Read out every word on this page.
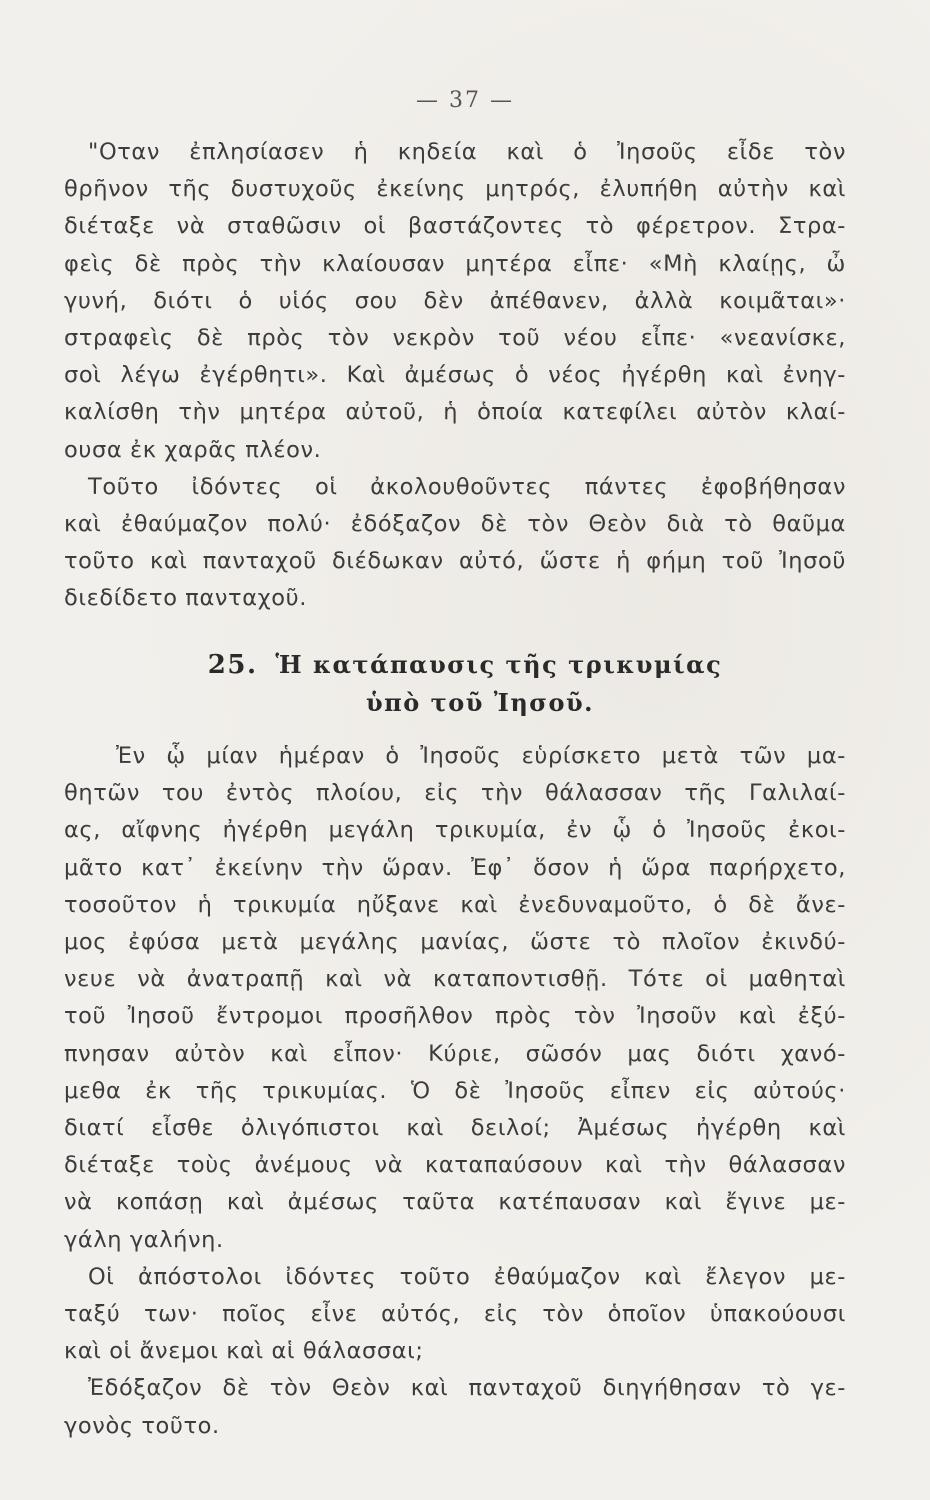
— 37 —
"Οταν ἐπλησίασεν ἡ κηδεία καὶ ὁ Ἰησοῦς εἶδε τὸν
θρῆνον τῆς δυστυχοῦς ἐκείνης μητρός, ἐλυπήθη αὐτὴν καὶ
διέταξε νὰ σταθῶσιν οἱ βαστάζοντες τὸ φέρετρον. Στρα-
φεὶς δὲ πρὸς τὴν κλαίουσαν μητέρα εἶπε· «Μὴ κλαίῃς, ὦ
γυνή, διότι ὁ υἱός σου δὲν ἀπέθανεν, ἀλλὰ κοιμᾶται»·
στραφεὶς δὲ πρὸς τὸν νεκρὸν τοῦ νέου εἶπε· «νεανίσκε,
σοὶ λέγω ἐγέρθητι». Καὶ ἀμέσως ὁ νέος ἠγέρθη καὶ ἐνηγ-
καλίσθη τὴν μητέρα αὐτοῦ, ἡ ὁποία κατεφίλει αὐτὸν κλαί-
ουσα ἐκ χαρᾶς πλέον.
Τοῦτο ἰδόντες οἱ ἀκολουθοῦντες πάντες ἐφοβήθησαν
καὶ ἐθαύμαζον πολύ· ἐδόξαζον δὲ τὸν Θεὸν διὰ τὸ θαῦμα
τοῦτο καὶ πανταχοῦ διέδωκαν αὐτό, ὥστε ἡ φήμη τοῦ Ἰησοῦ
διεδίδετο πανταχοῦ.
25. Ἡ κατάπαυσις τῆς τρικυμίας
ὑπὸ τοῦ Ἰησοῦ.
Ἐν ᾧ μίαν ἡμέραν ὁ Ἰησοῦς εὑρίσκετο μετὰ τῶν μα-
θητῶν του ἐντὸς πλοίου, εἰς τὴν θάλασσαν τῆς Γαλιλαί-
ας, αἴφνης ἠγέρθη μεγάλη τρικυμία, ἐν ᾧ ὁ Ἰησοῦς ἐκοι-
μᾶτο κατ᾽ ἐκείνην τὴν ὥραν. Ἐφ᾽ ὅσον ἡ ὥρα παρήρχετο,
τοσοῦτον ἡ τρικυμία ηὔξανε καὶ ἐνεδυναμοῦτο, ὁ δὲ ἄνε-
μος ἐφύσα μετὰ μεγάλης μανίας, ὥστε τὸ πλοῖον ἐκινδύ-
νευε νὰ ἀνατραπῇ καὶ νὰ καταποντισθῇ. Τότε οἱ μαθηταὶ
τοῦ Ἰησοῦ ἔντρομοι προσῆλθον πρὸς τὸν Ἰησοῦν καὶ ἐξύ-
πνησαν αὐτὸν καὶ εἶπον· Κύριε, σῶσόν μας διότι χανό-
μεθα ἐκ τῆς τρικυμίας. Ὁ δὲ Ἰησοῦς εἶπεν εἰς αὐτούς·
διατί εἶσθε ὀλιγόπιστοι καὶ δειλοί; Ἀμέσως ἠγέρθη καὶ
διέταξε τοὺς ἀνέμους νὰ καταπαύσουν καὶ τὴν θάλασσαν
νὰ κοπάσῃ καὶ ἀμέσως ταῦτα κατέπαυσαν καὶ ἔγινε με-
γάλη γαλήνη.
Οἱ ἀπόστολοι ἰδόντες τοῦτο ἐθαύμαζον καὶ ἔλεγον με-
ταξύ των· ποῖος εἶνε αὐτός, εἰς τὸν ὁποῖον ὑπακούουσι
καὶ οἱ ἄνεμοι καὶ αἱ θάλασσαι;
Ἐδόξαζον δὲ τὸν Θεὸν καὶ πανταχοῦ διηγήθησαν τὸ γε-
γονὸς τοῦτο.
